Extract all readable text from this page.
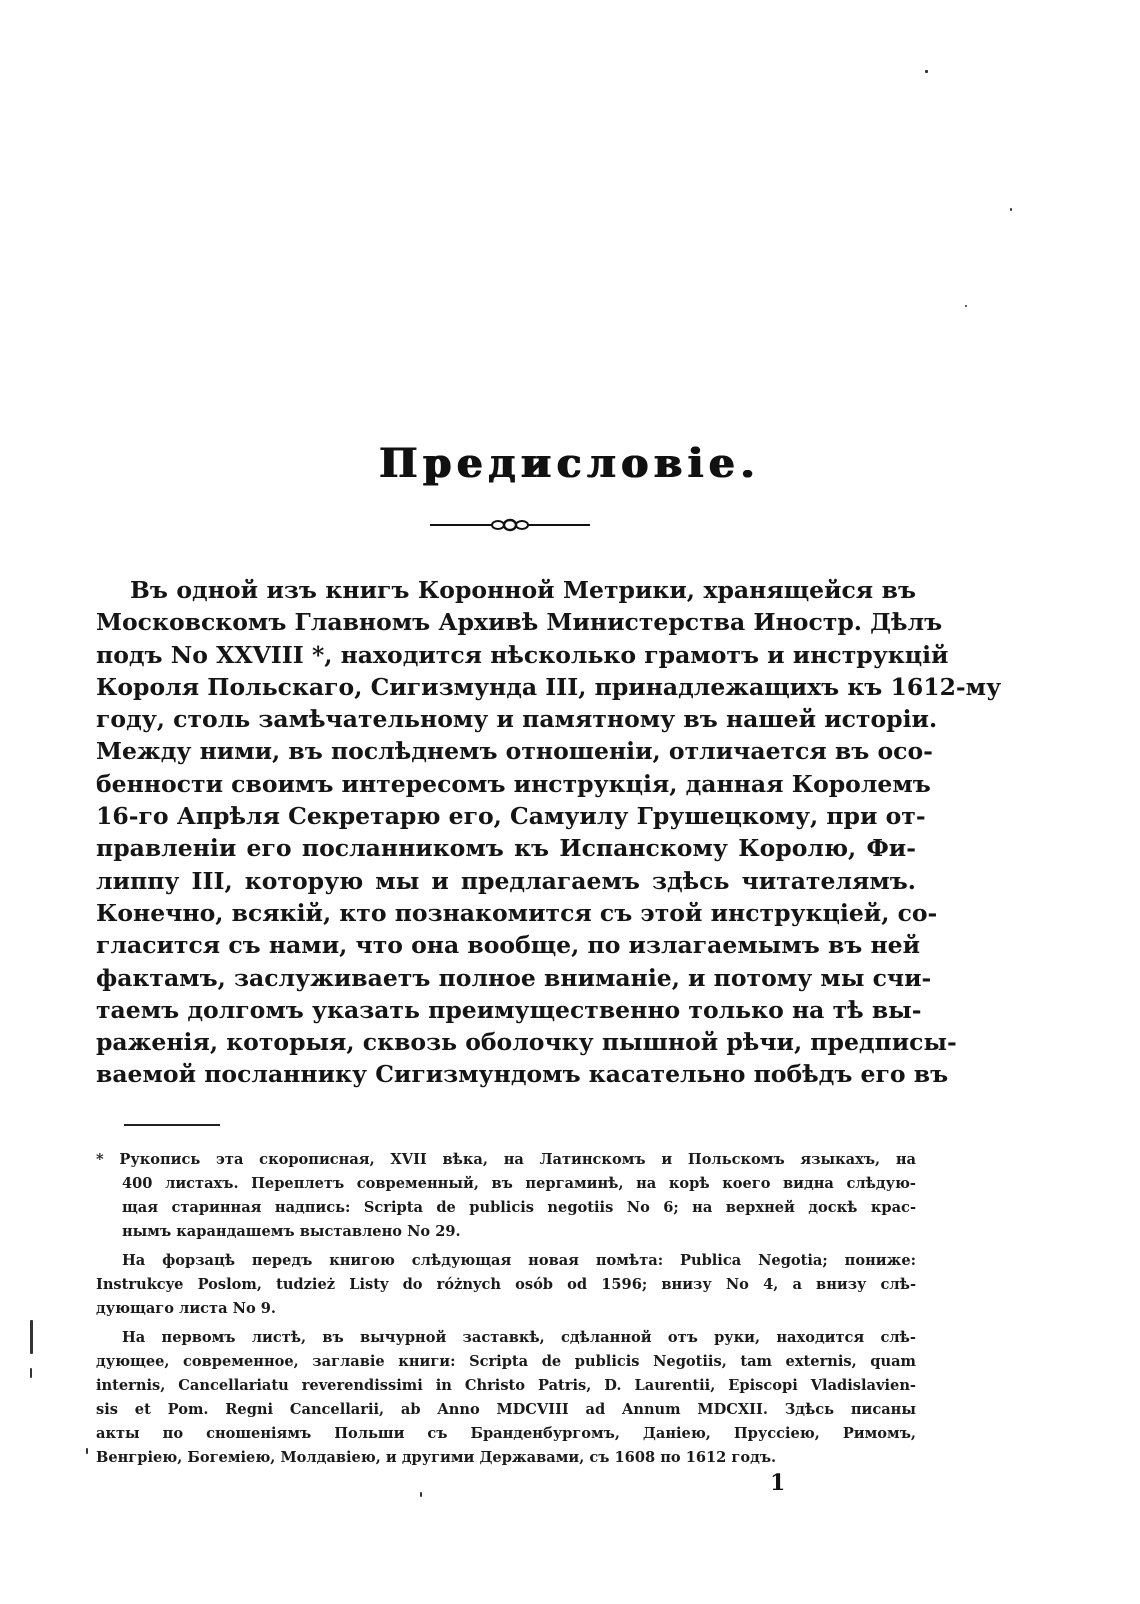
Предисловіе.
Въ одной изъ книгъ Коронной Метрики, хранящейся въ
Московскомъ Главномъ Архивѣ Министерства Иностр. Дѣлъ
подъ No XXVIII *, находится нѣсколько грамотъ и инструкцій
Короля Польскаго, Сигизмунда III, принадлежащихъ къ 1612-му
году, столь замѣчательному и памятному въ нашей исторіи.
Между ними, въ послѣднемъ отношеніи, отличается въ осо-
бенности своимъ интересомъ инструкція, данная Королемъ
16-го Апрѣля Секретарю его, Самуилу Грушецкому, при от-
правленіи его посланникомъ къ Испанскому Королю, Фи-
липпу III, которую мы и предлагаемъ здѣсь читателямъ.
Конечно, всякій, кто познакомится съ этой инструкціей, со-
гласится съ нами, что она вообще, по излагаемымъ въ ней
фактамъ, заслуживаетъ полное вниманіе, и потому мы счи-
таемъ долгомъ указать преимущественно только на тѣ вы-
раженія, которыя, сквозь оболочку пышной рѣчи, предписы-
ваемой посланнику Сигизмундомъ касательно побѣдъ его въ
* Рукопись эта скорописная, XVII вѣка, на Латинскомъ и Польскомъ языкахъ, на
400 листахъ. Переплетъ современный, въ пергаминѣ, на корѣ коего видна слѣдую-
щая старинная надпись: Scripta de publicis negotiis No 6; на верхней доскѣ крас-
нымъ карандашемъ выставлено No 29.
На форзацѣ передъ книгою слѣдующая новая помѣта: Publica Negotia; пониже:
Instrukcye Poslom, tudzież Listy do różnych osób od 1596; внизу No 4, а внизу слѣ-
дующаго листа No 9.
На первомъ листѣ, въ вычурной заставкѣ, сдѣланной отъ руки, находится слѣ-
дующее, современное, заглавіе книги: Scripta de publicis Negotiis, tam externis, quam
internis, Cancellariatu reverendissimi in Christo Patris, D. Laurentii, Episcopi Vladislavien-
sis et Pom. Regni Cancellarii, ab Anno MDCVIII ad Annum MDCXII. Здѣсь писаны
акты по сношеніямъ Польши съ Бранденбургомъ, Даніею, Пруссіею, Римомъ,
Венгріею, Богеміею, Молдавіею, и другими Державами, съ 1608 по 1612 годъ.
1
